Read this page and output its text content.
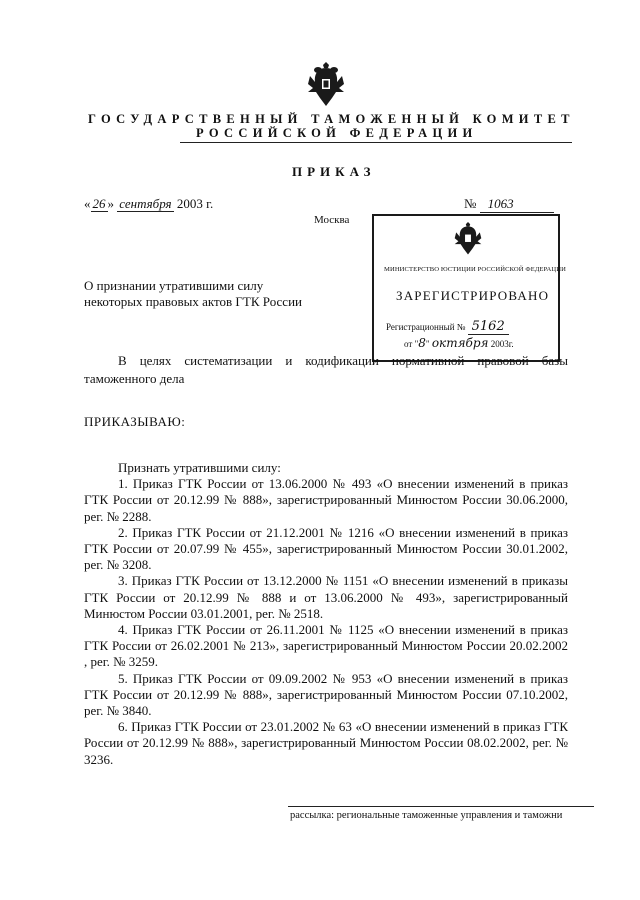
ГОСУДАРСТВЕННЫЙ ТАМОЖЕННЫЙ КОМИТЕТ
РОССИЙСКОЙ ФЕДЕРАЦИИ
ПРИКАЗ
« 26 » сентября 2003 г.	№ 1063
Москва
О признании утратившими силу
некоторых правовых актов ГТК России
МИНИСТЕРСТВО ЮСТИЦИИ РОССИЙСКОЙ ФЕДЕРАЦИИ
ЗАРЕГИСТРИРОВАНО
Регистрационный № 5162
от "8" октября 2003г.
В целях систематизации и кодификации нормативной правовой базы
таможенного дела
ПРИКАЗЫВАЮ:
Признать утратившими силу:

1. Приказ ГТК России от 13.06.2000 № 493 «О внесении изменений в приказ ГТК России от 20.12.99 № 888», зарегистрированный Минюстом России 30.06.2000, рег. № 2288.

2. Приказ ГТК России от 21.12.2001 № 1216 «О внесении изменений в приказ ГТК России от 20.07.99 № 455», зарегистрированный Минюстом России 30.01.2002, рег. № 3208.

3. Приказ ГТК России от 13.12.2000 № 1151 «О внесении изменений в приказы ГТК России от 20.12.99 № 888 и от 13.06.2000 № 493», зарегистрированный Минюстом России 03.01.2001, рег. № 2518.

4. Приказ ГТК России от 26.11.2001 № 1125 «О внесении изменений в приказ ГТК России от 26.02.2001 № 213», зарегистрированный Минюстом России 20.02.2002 , рег. № 3259.

5. Приказ ГТК России от 09.09.2002 № 953 «О внесении изменений в приказ ГТК России от 20.12.99 № 888», зарегистрированный Минюстом России 07.10.2002, рег. № 3840.

6. Приказ ГТК России от 23.01.2002 № 63 «О внесении изменений в приказ ГТК России от 20.12.99 № 888», зарегистрированный Минюстом России 08.02.2002, рег. № 3236.

рассылка: региональные таможенные управления и таможни
